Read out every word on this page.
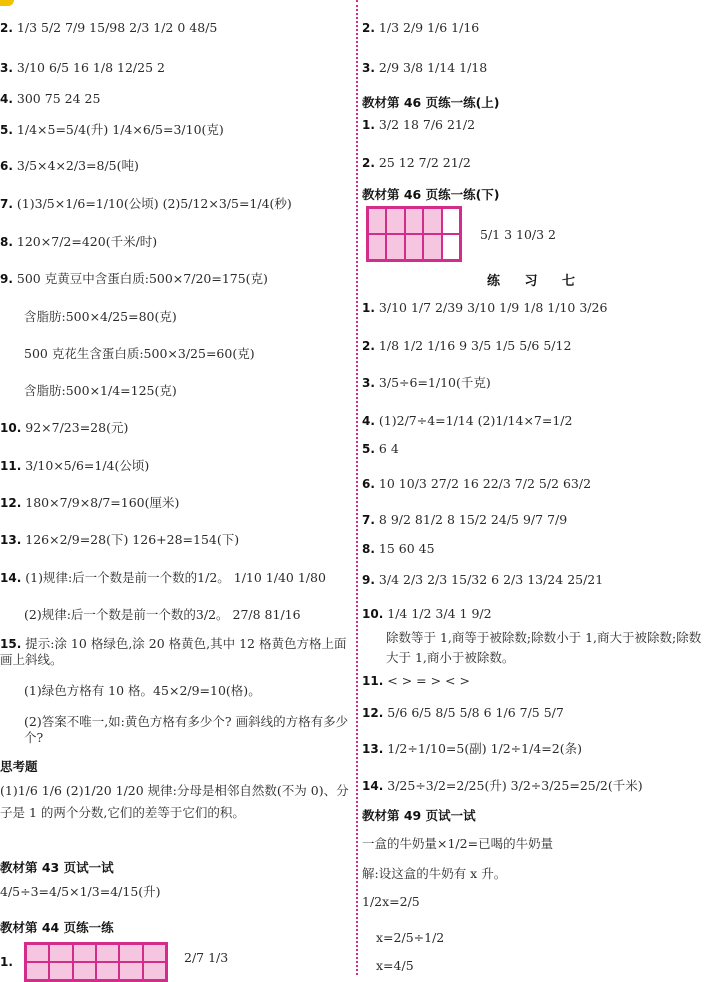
2. 1/3 5/2 7/9 15/98 2/3 1/2 0 48/5
3. 3/10 6/5 16 1/8 12/25 2
4. 300 75 24 25
5. 1/4×5=5/4(升) 1/4×6/5=3/10(克)
6. 3/5×4×2/3=8/5(吨)
7. (1)3/5×1/6=1/10(公顷) (2)5/12×3/5=1/4(秒)
8. 120×7/2=420(千米/时)
9. 500 克黄豆中含蛋白质:500×7/20=175(克)
含脂肪:500×4/25=80(克)
500 克花生含蛋白质:500×3/25=60(克)
含脂肪:500×1/4=125(克)
10. 92×7/23=28(元)
11. 3/10×5/6=1/4(公顷)
12. 180×7/9×8/7=160(厘米)
13. 126×2/9=28(下) 126+28=154(下)
14. (1)规律:后一个数是前一个数的1/2。 1/10 1/40 1/80
(2)规律:后一个数是前一个数的3/2。 27/8 81/16
15. 提示:涂 10 格绿色,涂 20 格黄色,其中 12 格黄色方格上面画上斜线。
(1)绿色方格有 10 格。45×2/9=10(格)。
(2)答案不唯一,如:黄色方格有多少个? 画斜线的方格有多少个?
思考题
(1)1/6 1/6 (2)1/20 1/20 规律:分母是相邻自然数(不为 0)、分子是 1 的两个分数,它们的差等于它们的积。
教材第 43 页试一试
4/5÷3=4/5×1/3=4/15(升)
教材第 44 页练一练
1.	2/7 1/3
2. 1/3 2/9 1/6 1/16
3. 2/9 3/8 1/14 1/18
教材第 46 页练一练(上)
1. 3/2 18 7/6 21/2
2. 25 12 7/2 21/2
教材第 46 页练一练(下)
5/1 3 10/3 2
练 习 七
1. 3/10 1/7 2/39 3/10 1/9 1/8 1/10 3/26
2. 1/8 1/2 1/16 9 3/5 1/5 5/6 5/12
3. 3/5÷6=1/10(千克)
4. (1)2/7÷4=1/14 (2)1/14×7=1/2
5. 6 4
6. 10 10/3 27/2 16 22/3 7/2 5/2 63/2
7. 8 9/2 81/2 8 15/2 24/5 9/7 7/9
8. 15 60 45
9. 3/4 2/3 2/3 15/32 6 2/3 13/24 25/21
10. 1/4 1/2 3/4 1 9/2
除数等于 1,商等于被除数;除数小于 1,商大于被除数;除数大于 1,商小于被除数。
11. < > = > < >
12. 5/6 6/5 8/5 5/8 6 1/6 7/5 5/7
13. 1/2÷1/10=5(副) 1/2÷1/4=2(条)
14. 3/25÷3/2=2/25(升) 3/2÷3/25=25/2(千米)
教材第 49 页试一试
一盒的牛奶量×1/2=已喝的牛奶量
解:设这盒的牛奶有 x 升。
1/2x=2/5
x=2/5÷1/2
x=4/5
